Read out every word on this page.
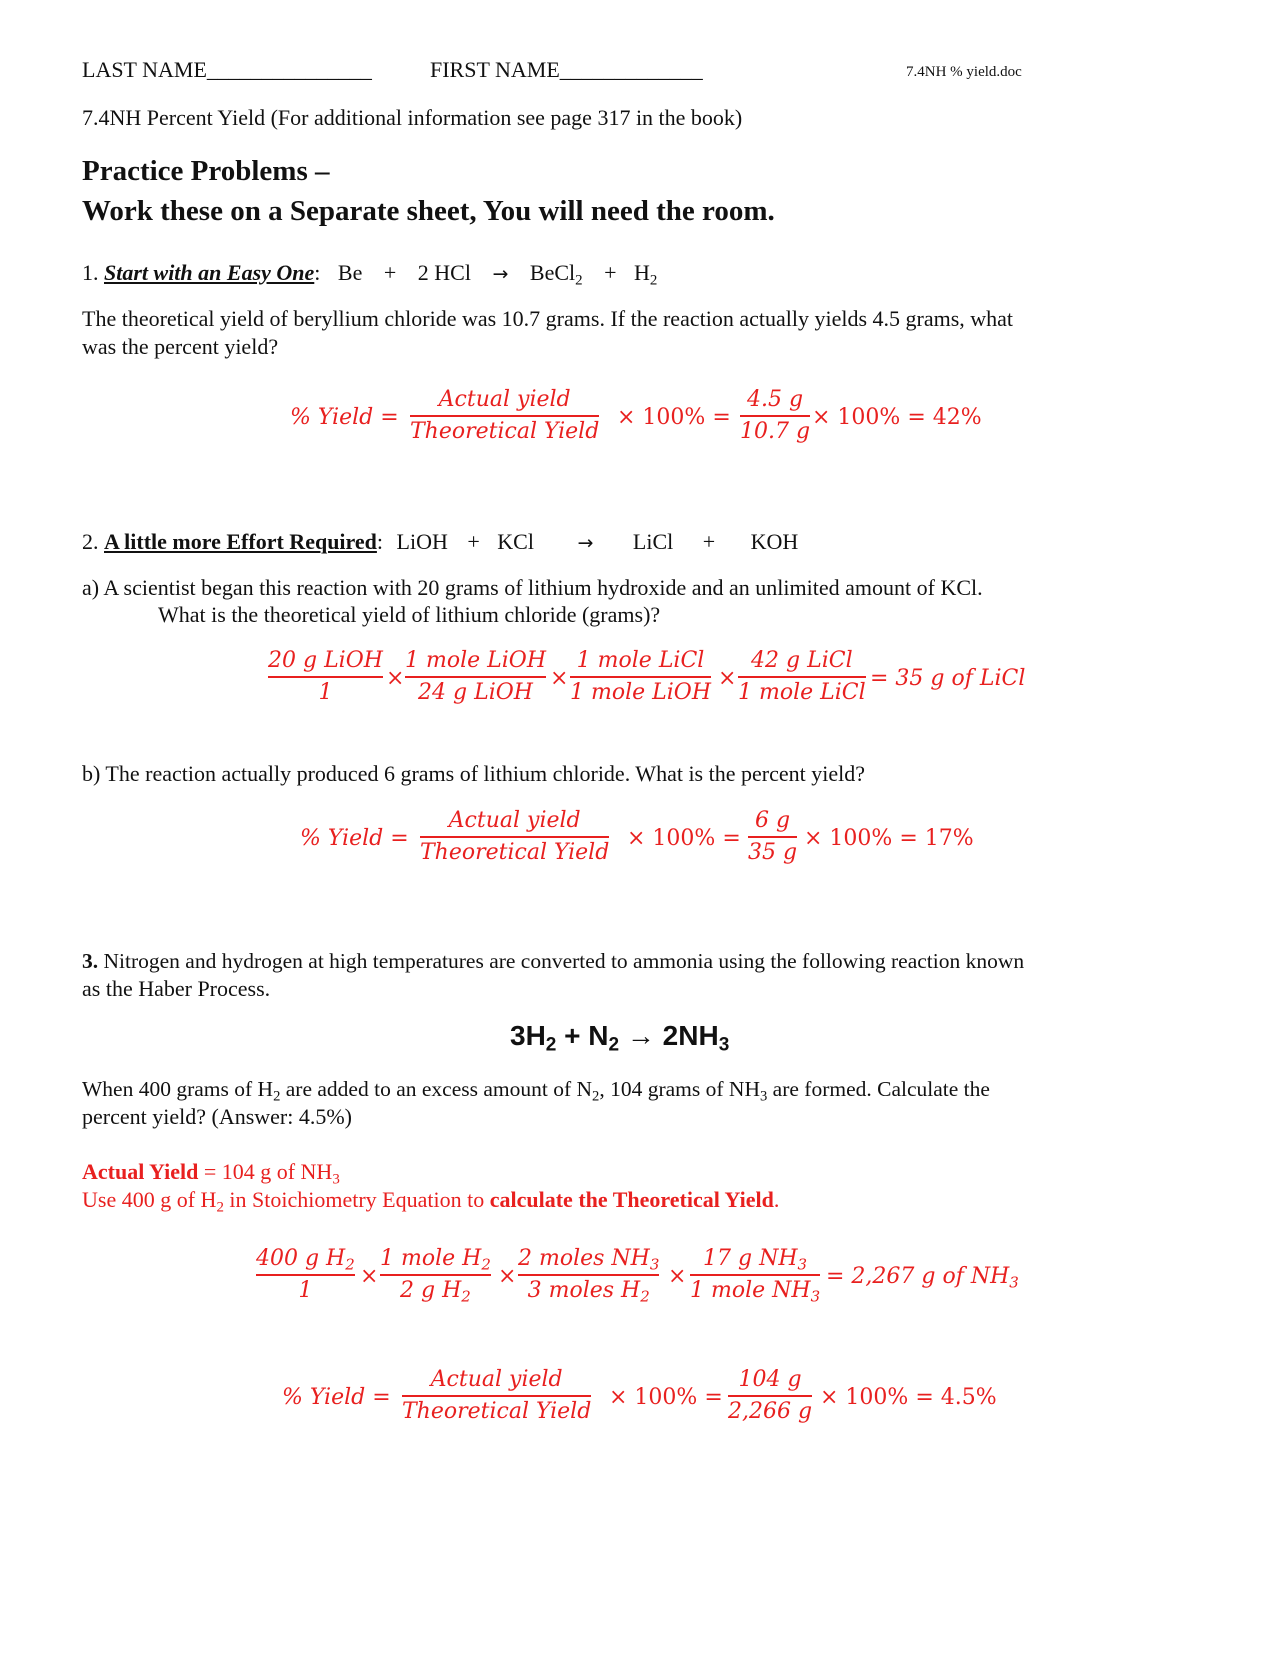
LAST NAME_______________	FIRST NAME_____________	7.4NH % yield.doc
7.4NH Percent Yield (For additional information see page 317 in the book)
Practice Problems –
Work these on a Separate sheet, You will need the room.
1. Start with an Easy One: Be + 2 HCl → BeCl$_2$ + $H_2$
The theoretical yield of beryllium chloride was 10.7 grams. If the reaction actually yields 4.5 grams, what
was the percent yield?
% Yield =
Actual yield
Theoretical Yield
× 100% =
4.5 g
10.7 g
× 100% = 42%
2. A little more Effort Required: LiOH + KCl → LiCl + KOH
a) A scientist began this reaction with 20 grams of lithium hydroxide and an unlimited amount of KCl.
What is the theoretical yield of lithium chloride (grams)?
20 g LiOH
1
×
1 mole LiOH
24 g LiOH
×
1 mole LiCl
1 mole LiOH
×
42 g LiCl
1 mole LiCl
= 35 g of LiCl
b) The reaction actually produced 6 grams of lithium chloride. What is the percent yield?
% Yield =
Actual yield
Theoretical Yield
× 100% =
6 g
35 g
× 100% = 17%
3. Nitrogen and hydrogen at high temperatures are converted to ammonia using the following reaction known
as the Haber Process.
$3H_2 + N_2 \to 2NH_3$
When 400 grams of $H_2$ are added to an excess amount of $N_2$, 104 grams of $NH_3$ are formed. Calculate the
percent yield? (Answer: 4.5%)
Actual Yield = 104 g of $NH_3$
Use 400 g of $H_2$ in Stoichiometry Equation to calculate the Theoretical Yield.
400 g $H_2$
1
×
1 mole $H_2$
2 g $H_2$
×
2 moles $NH_3$
3 moles $H_2$
×
17 g $NH_3$
1 mole $NH_3$
= 2,267 g of $NH_3$
% Yield =
Actual yield
Theoretical Yield
× 100% =
104 g
2,266 g
× 100% = 4.5%
